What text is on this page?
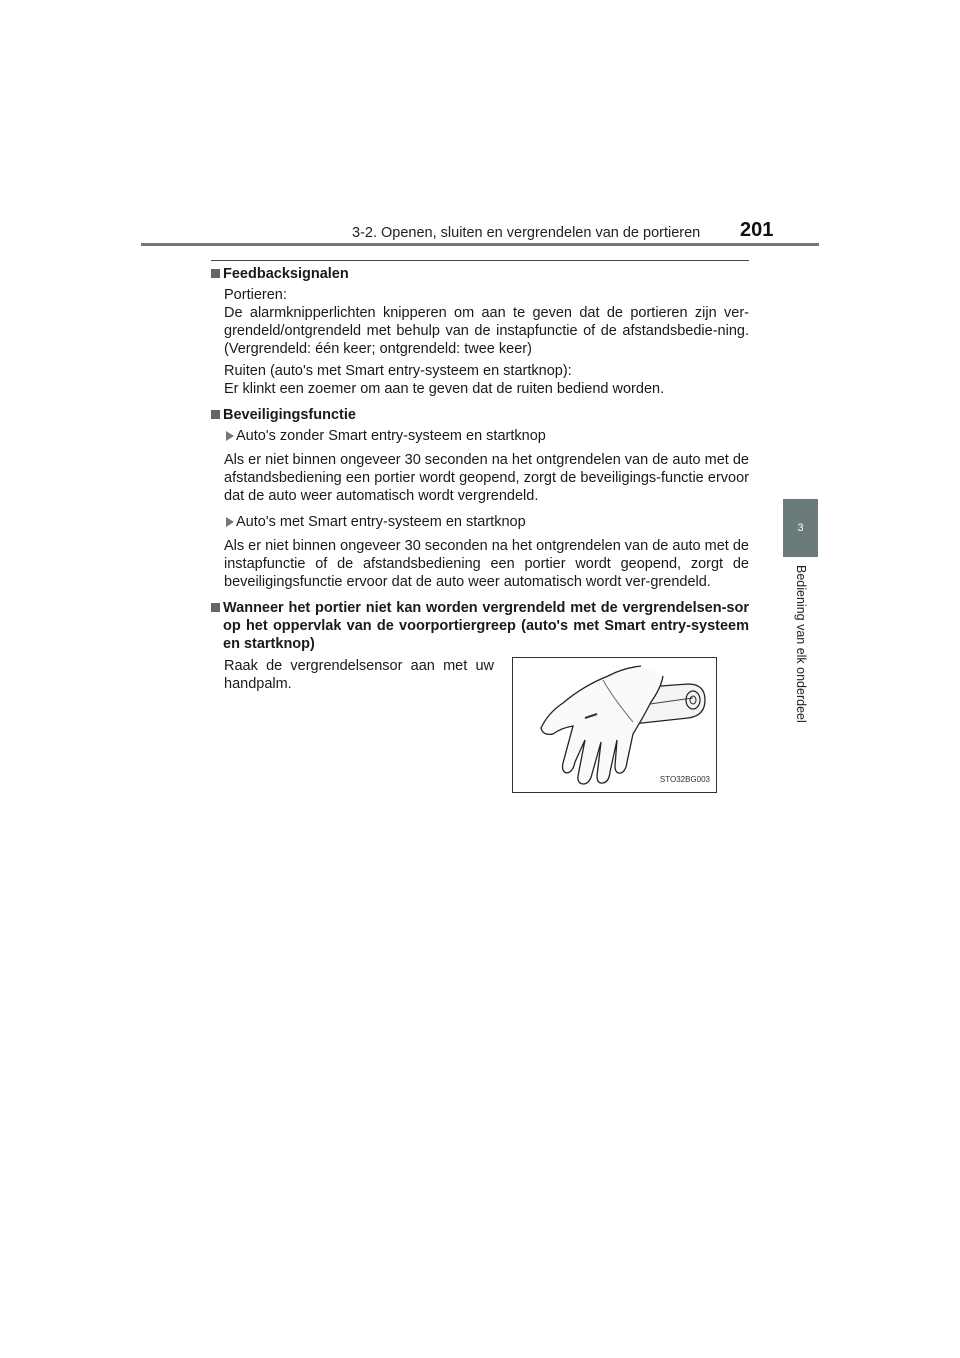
3-2. Openen, sluiten en vergrendelen van de portieren 201
3
Bediening van elk onderdeel
Feedbacksignalen

Portieren:
De alarmknipperlichten knipperen om aan te geven dat de portieren zijn ver-grendeld/ontgrendeld met behulp van de instapfunctie of de afstandsbedie-ning. (Vergrendeld: één keer; ontgrendeld: twee keer)

Ruiten (auto's met Smart entry-systeem en startknop):
Er klinkt een zoemer om aan te geven dat de ruiten bediend worden.

Beveiligingsfunctie
Auto's zonder Smart entry-systeem en startknop

Als er niet binnen ongeveer 30 seconden na het ontgrendelen van de auto met de afstandsbediening een portier wordt geopend, zorgt de beveiligings-functie ervoor dat de auto weer automatisch wordt vergrendeld.

Auto's met Smart entry-systeem en startknop

Als er niet binnen ongeveer 30 seconden na het ontgrendelen van de auto met de instapfunctie of de afstandsbediening een portier wordt geopend, zorgt de beveiligingsfunctie ervoor dat de auto weer automatisch wordt ver-grendeld.

Wanneer het portier niet kan worden vergrendeld met de vergrendelsen-sor op het oppervlak van de voorportiergreep (auto's met Smart entry-systeem en startknop)

Raak de vergrendelsensor aan met uw handpalm.

STO32BG003
